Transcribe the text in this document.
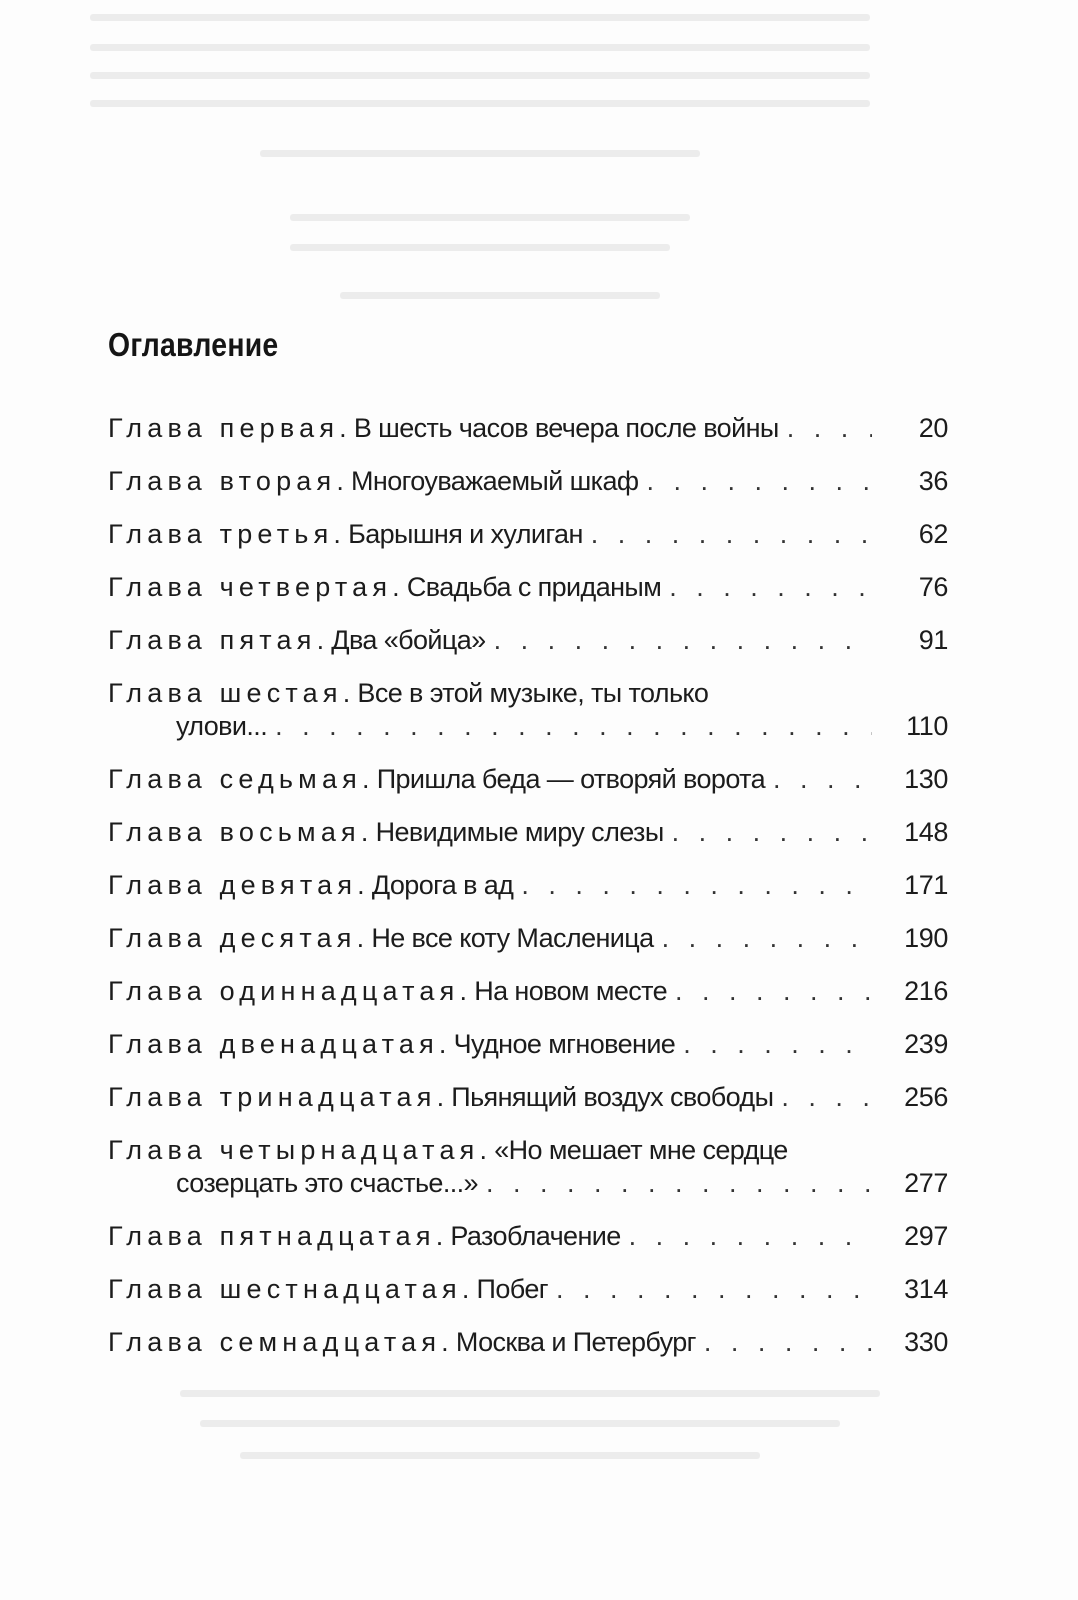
Оглавление
Глава первая. В шесть часов вечера после войны . . .	20
Глава вторая. Многоуважаемый шкаф . . .	36
Глава третья. Барышня и хулиган . . .	62
Глава четвертая. Свадьба с приданым . . .	76
Глава пятая. Два «бойца» . . .	91
Глава шестая. Все в этой музыке, ты только
улови... . . .	110
Глава седьмая. Пришла беда — отворяй ворота . . .	130
Глава восьмая. Невидимые миру слезы . . .	148
Глава девятая. Дорога в ад . . .	171
Глава десятая. Не все коту Масленица . . .	190
Глава одиннадцатая. На новом месте . . .	216
Глава двенадцатая. Чудное мгновение . . .	239
Глава тринадцатая. Пьянящий воздух свободы . . .	256
Глава четырнадцатая. «Но мешает мне сердце
созерцать это счастье...» . . .	277
Глава пятнадцатая. Разоблачение . . .	297
Глава шестнадцатая. Побег . . .	314
Глава семнадцатая. Москва и Петербург . . .	330
